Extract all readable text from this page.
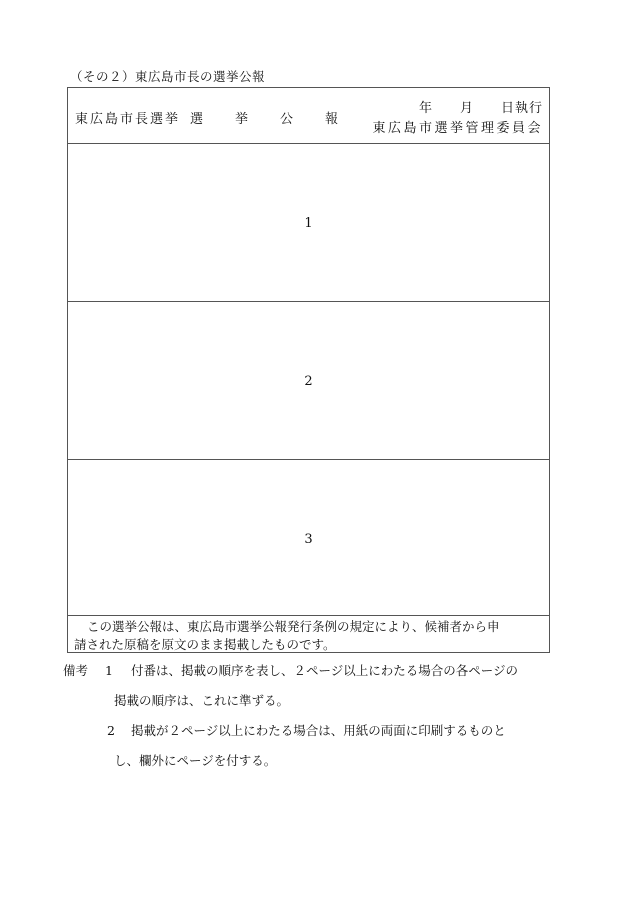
（その２）東広島市長の選挙公報
東広島市長選挙 選挙公報
年 月 日執行
東広島市選挙管理委員会
1
2
3

この選挙公報は、東広島市選挙公報発行条例の規定により、候補者から申

請された原稿を原文のまま掲載したものです。

備考 1 付番は、掲載の順序を表し、２ページ以上にわたる場合の各ページの
掲載の順序は、これに準ずる。
2 掲載が２ページ以上にわたる場合は、用紙の両面に印刷するものと
し、欄外にページを付する。
